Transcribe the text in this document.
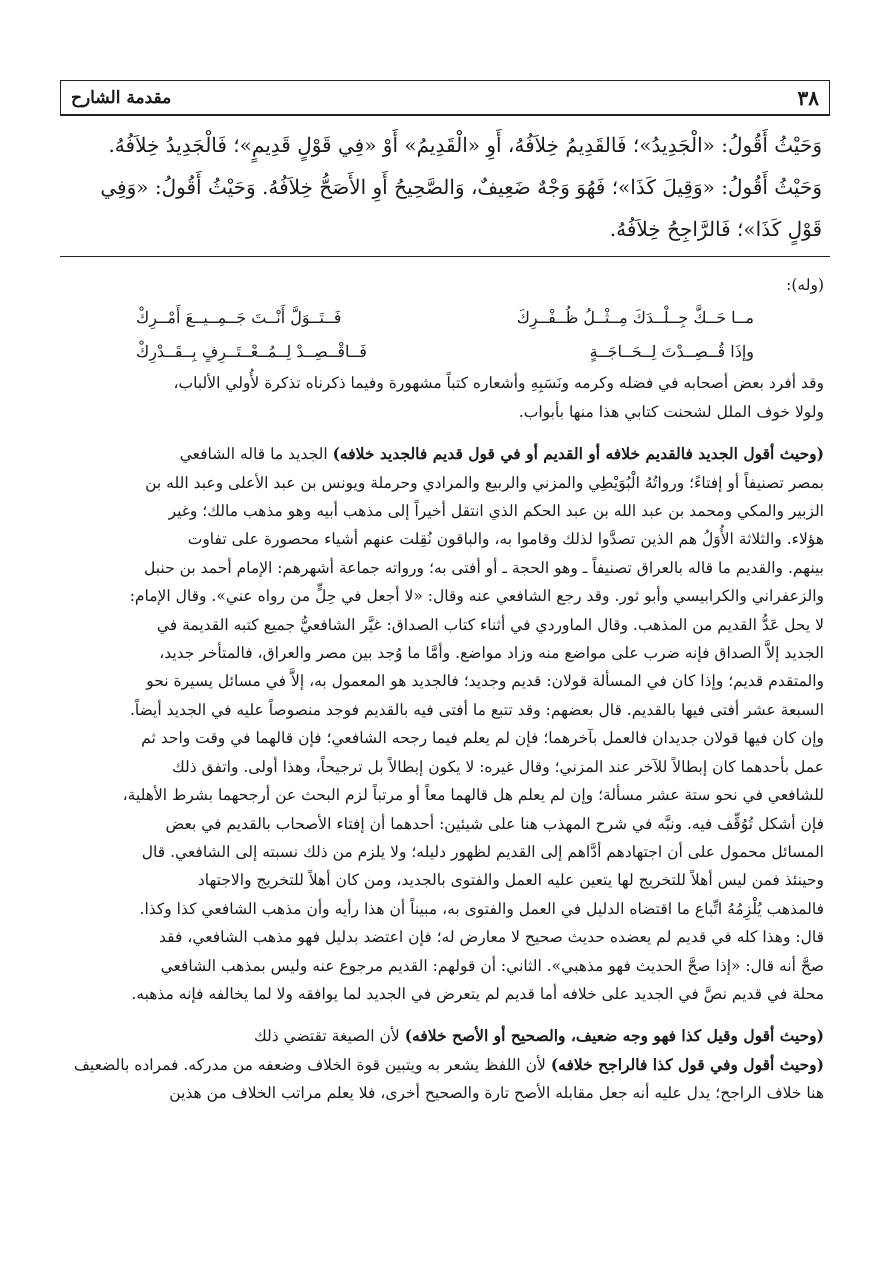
٣٨
مقدمة الشارح

وَحَيْثُ أَقُولُ: «الْجَدِيدُ»؛ فَالقَدِيمُ خِلاَفُهُ، أَوِ «الْقَدِيمُ» أَوْ «فِي قَوْلٍ قَدِيمٍ»؛ فَالْجَدِيدُ خِلاَفُهُ.

وَحَيْثُ أَقُولُ: «وَقِيلَ كَذَا»؛ فَهُوَ وَجْهٌ ضَعِيفٌ، وَالصَّحِيحُ أَوِ الأَصَحُّ خِلاَفُهُ. وَحَيْثُ أَقُولُ: «وَفِي

قَوْلٍ كَذَا»؛ فَالرَّاجِحُ خِلاَفُهُ.

(وله):
مــا حَــكَّ جِــلْــدَكَ مِــثْــلُ ظُــفْــرِكَ
فَــتَــوَلَّ أَنْــتَ جَــمِــيــعَ أَمْــرِكْ
وإذَا قُــصِــدْتَ لِــحَــاجَــةٍ
فَــاقْــصِــدْ لِــمُــعْــتَــرِفٍ بِــقَــدْرِكْ

وقد أفرد بعض أصحابه في فضله وكرمه ونَسَبِهِ وأشعاره كتباً مشهورة وفيما ذكرناه تذكرة لأُولي الألباب،

ولولا خوف الملل لشحنت كتابي هذا منها بأبواب.

(وحيث أقول الجديد فالقديم خلافه أو القديم أو في قول قديم فالجديد خلافه) الجديد ما قاله الشافعي

بمصر تصنيفاً أو إفتاءً؛ ورواتُهُ الْبُوَيْطِي والمزني والربيع والمرادي وحرملة ويونس بن عبد الأعلى وعبد الله بن

الزبير والمكي ومحمد بن عبد الله بن عبد الحكم الذي انتقل أخيراً إلى مذهب أبيه وهو مذهب مالك؛ وغير

هؤلاء. والثلاثة الأُوَلُ هم الذين تصدَّوا لذلك وقاموا به، والباقون نُقِلت عنهم أشياء محصورة على تفاوت

بينهم. والقديم ما قاله بالعراق تصنيفاً ـ وهو الحجة ـ أو أفتى به؛ ورواته جماعة أشهرهم: الإمام أحمد بن حنبل

والزعفراني والكرابيسي وأبو ثور. وقد رجع الشافعي عنه وقال: «لا أجعل في حِلٍّ من رواه عني». وقال الإمام:

لا يحل عَدُّ القديم من المذهب. وقال الماوردي في أثناء كتاب الصداق: غيَّر الشافعيُّ جميع كتبه القديمة في

الجديد إلاَّ الصداق فإنه ضرب على مواضع منه وزاد مواضع. وأمَّا ما وُجد بين مصر والعراق، فالمتأخر جديد،

والمتقدم قديم؛ وإذا كان في المسألة قولان: قديم وجديد؛ فالجديد هو المعمول به، إلاَّ في مسائل يسيرة نحو

السبعة عشر أفتى فيها بالقديم. قال بعضهم: وقد تتبع ما أفتى فيه بالقديم فوجد منصوصاً عليه في الجديد أيضاً.

وإن كان فيها قولان جديدان فالعمل بآخرهما؛ فإن لم يعلم فيما رجحه الشافعي؛ فإن قالهما في وقت واحد ثم

عمل بأحدهما كان إبطالاً للآخر عند المزني؛ وقال غيره: لا يكون إبطالاً بل ترجيحاً، وهذا أولى. واتفق ذلك

للشافعي في نحو ستة عشر مسألة؛ وإن لم يعلم هل قالهما معاً أو مرتباً لزم البحث عن أرجحهما بشرط الأهلية،

فإن أشكل تُوُقِّف فيه. ونبَّه في شرح المهذب هنا على شيئين: أحدهما أن إفتاء الأصحاب بالقديم في بعض

المسائل محمول على أن اجتهادهم أدَّاهم إلى القديم لظهور دليله؛ ولا يلزم من ذلك نسبته إلى الشافعي. قال

وحينئذ فمن ليس أهلاً للتخريج لها يتعين عليه العمل والفتوى بالجديد، ومن كان أهلاً للتخريج والاجتهاد

فالمذهب يُلْزِمُهُ اتِّباع ما اقتضاه الدليل في العمل والفتوى به، مبيناً أن هذا رأيه وأن مذهب الشافعي كذا وكذا.

قال: وهذا كله في قديم لم يعضده حديث صحيح لا معارض له؛ فإن اعتضد بدليل فهو مذهب الشافعي، فقد

صحَّ أنه قال: «إذا صحَّ الحديث فهو مذهبي». الثاني: أن قولهم: القديم مرجوع عنه وليس بمذهب الشافعي

محلة في قديم نصَّ في الجديد على خلافه أما قديم لم يتعرض في الجديد لما يوافقه ولا لما يخالفه فإنه مذهبه.

(وحيث أقول وقيل كذا فهو وجه ضعيف، والصحيح أو الأصح خلافه) لأن الصيغة تقتضي ذلك

(وحيث أقول وفي قول كذا فالراجح خلافه) لأن اللفظ يشعر به ويتبين قوة الخلاف وضعفه من مدركه. فمراده بالضعيف

هنا خلاف الراجح؛ يدل عليه أنه جعل مقابله الأصح تارة والصحيح أخرى، فلا يعلم مراتب الخلاف من هذين
